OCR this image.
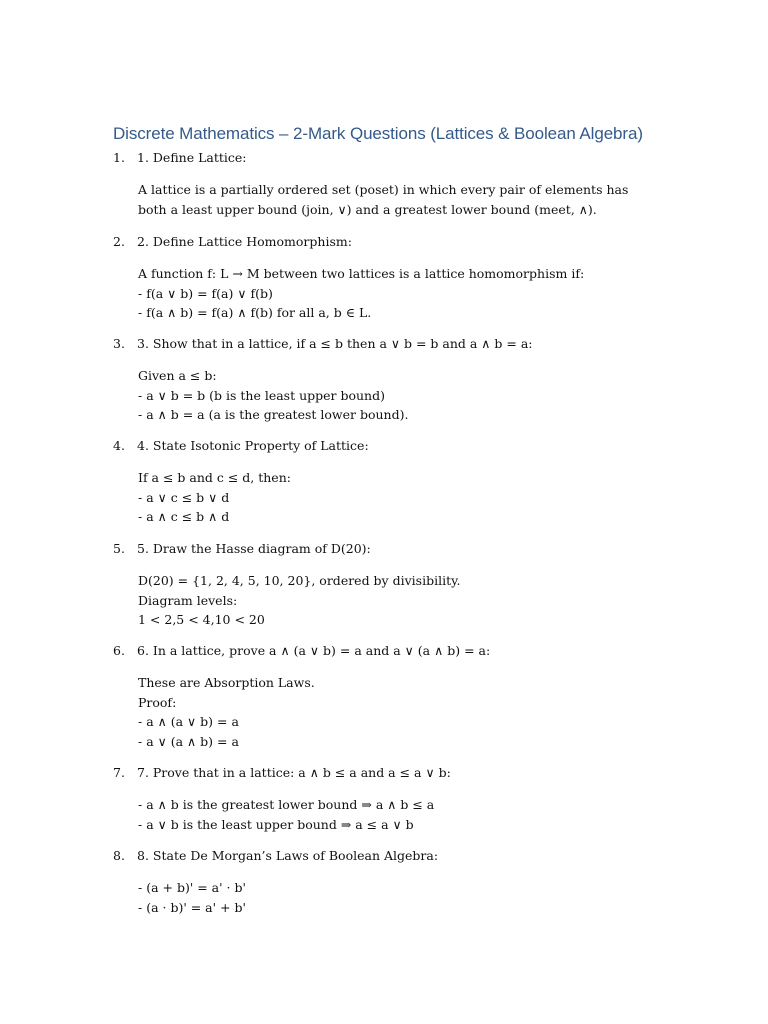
Discrete Mathematics – 2-Mark Questions (Lattices & Boolean Algebra)
1. 1. Define Lattice:
A lattice is a partially ordered set (poset) in which every pair of elements has both a least upper bound (join, ∨) and a greatest lower bound (meet, ∧).
2. 2. Define Lattice Homomorphism:
A function f: L → M between two lattices is a lattice homomorphism if:
- f(a ∨ b) = f(a) ∨ f(b)
- f(a ∧ b) = f(a) ∧ f(b) for all a, b ∈ L.
3. 3. Show that in a lattice, if a ≤ b then a ∨ b = b and a ∧ b = a:
Given a ≤ b:
- a ∨ b = b (b is the least upper bound)
- a ∧ b = a (a is the greatest lower bound).
4. 4. State Isotonic Property of Lattice:
If a ≤ b and c ≤ d, then:
- a ∨ c ≤ b ∨ d
- a ∧ c ≤ b ∧ d
5. 5. Draw the Hasse diagram of D(20):
D(20) = {1, 2, 4, 5, 10, 20}, ordered by divisibility.
Diagram levels:
1 < 2,5 < 4,10 < 20
6. 6. In a lattice, prove a ∧ (a ∨ b) = a and a ∨ (a ∧ b) = a:
These are Absorption Laws.
Proof:
- a ∧ (a ∨ b) = a
- a ∨ (a ∧ b) = a
7. 7. Prove that in a lattice: a ∧ b ≤ a and a ≤ a ∨ b:
- a ∧ b is the greatest lower bound ⇒ a ∧ b ≤ a
- a ∨ b is the least upper bound ⇒ a ≤ a ∨ b
8. 8. State De Morgan’s Laws of Boolean Algebra:
- (a + b)' = a' · b'
- (a · b)' = a' + b'
